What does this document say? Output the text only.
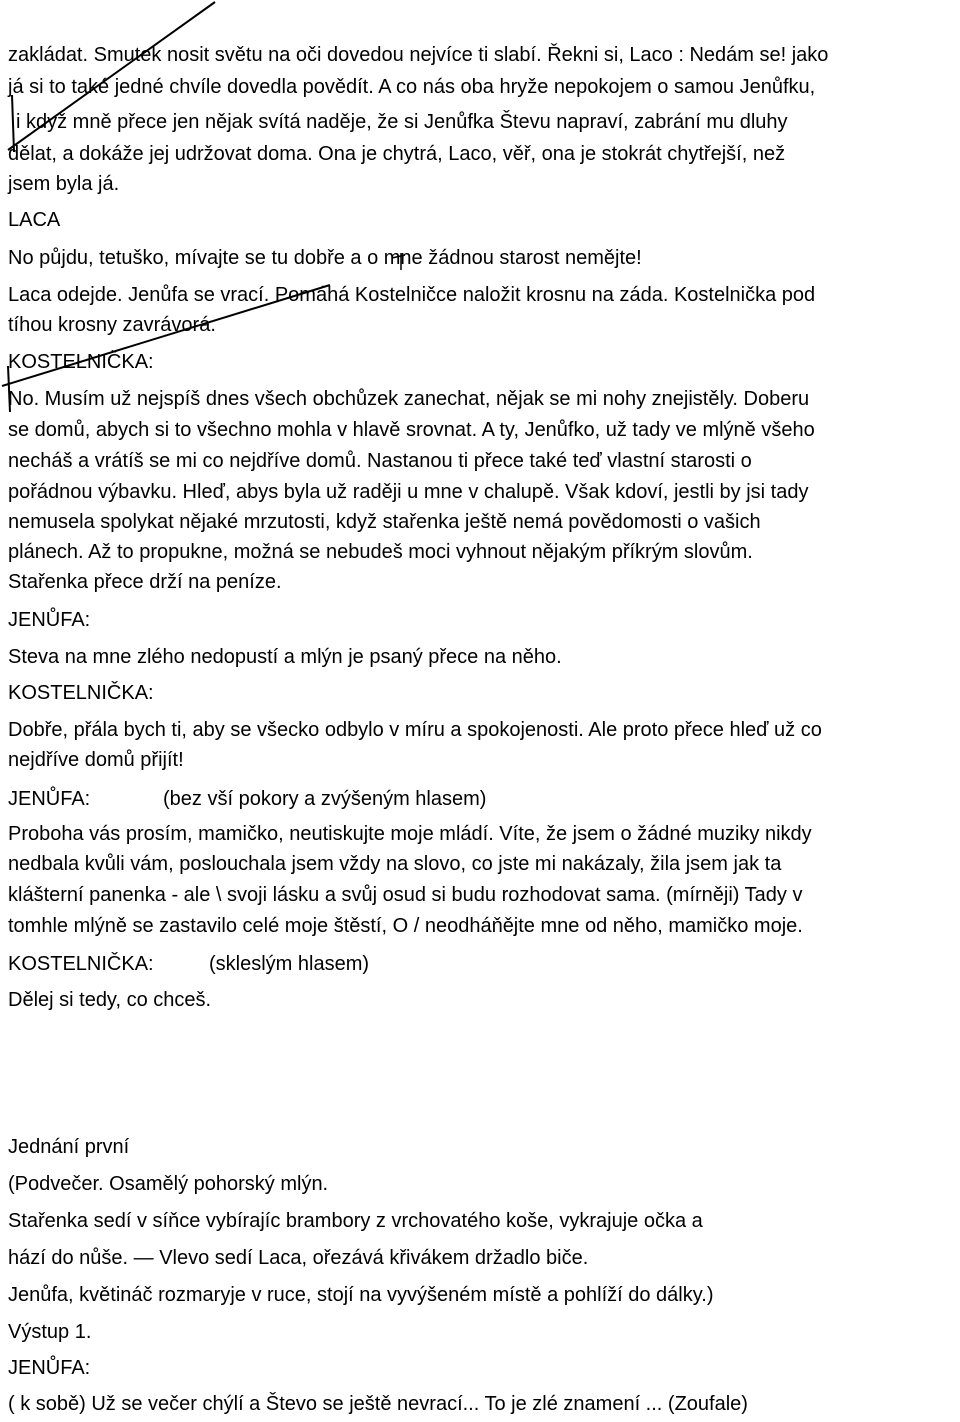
zakládat. Smutek nosit světu na oči dovedou nejvíce ti slabí. Řekni si, Laco : Nedám se! jako
já si to také jedné chvíle dovedla povědít. A co nás oba hryže nepokojem o samou Jenůfku,
i když mně přece jen nějak svítá naděje, že si Jenůfka Števu napraví, zabrání mu dluhy
dělat, a dokáže jej udržovat doma. Ona je chytrá, Laco, věř, ona je stokrát chytřejší, než
jsem byla já.
LACA
No půjdu, tetuško, mívajte se tu dobře a o mne žádnou starost nemějte!
Laca odejde. Jenůfa se vrací. Pomáhá Kostelničce naložit krosnu na záda. Kostelnička pod
tíhou krosny zavrávorá.
KOSTELNIČKA:
No. Musím už nejspíš dnes všech obchůzek zanechat, nějak se mi nohy znejistěly. Doberu
se domů, abych si to všechno mohla v hlavě srovnat. A ty, Jenůfko, už tady ve mlýně všeho
necháš a vrátíš se mi co nejdříve domů. Nastanou ti přece také teď vlastní starosti o
pořádnou výbavku. Hleď, abys byla už raději u mne v chalupě. Však kdoví, jestli by jsi tady
nemusela spolykat nějaké mrzutosti, když stařenka ještě nemá povědomosti o vašich
plánech. Až to propukne, možná se nebudeš moci vyhnout nějakým příkrým slovům.
Stařenka přece drží na peníze.
JENŮFA:
Steva na mne zlého nedopustí a mlýn je psaný přece na něho.
KOSTELNIČKA:
Dobře, přála bych ti, aby se všecko odbylo v míru a spokojenosti. Ale proto přece hleď už co
nejdříve domů přijít!
JENŮFA:	(bez vší pokory a zvýšeným hlasem)
Proboha vás prosím, mamičko, neutiskujte moje mládí. Víte, že jsem o žádné muziky nikdy
nedbala kvůli vám, poslouchala jsem vždy na slovo, co jste mi nakázaly, žila jsem jak ta
klášterní panenka - ale \ svoji lásku a svůj osud si budu rozhodovat sama. (mírněji) Tady v
tomhle mlýně se zastavilo celé moje štěstí, O / neodháňějte mne od něho, mamičko moje.
KOSTELNIČKA:	(skleslým hlasem)
Dělej si tedy, co chceš.
Jednání první
(Podvečer. Osamělý pohorský mlýn.
Stařenka sedí v síňce vybírajíc brambory z vrchovatého koše, vykrajuje očka a
hází do nůše. — Vlevo sedí Laca, ořezává křivákem držadlo biče.
Jenůfa, květináč rozmaryje v ruce, stojí na vyvýšeném místě a pohlíží do dálky.)
Výstup 1.
JENŮFA:
( k sobě) Už se večer chýlí a Števo se ještě nevrací... To je zlé znamení ... (Zoufale)
